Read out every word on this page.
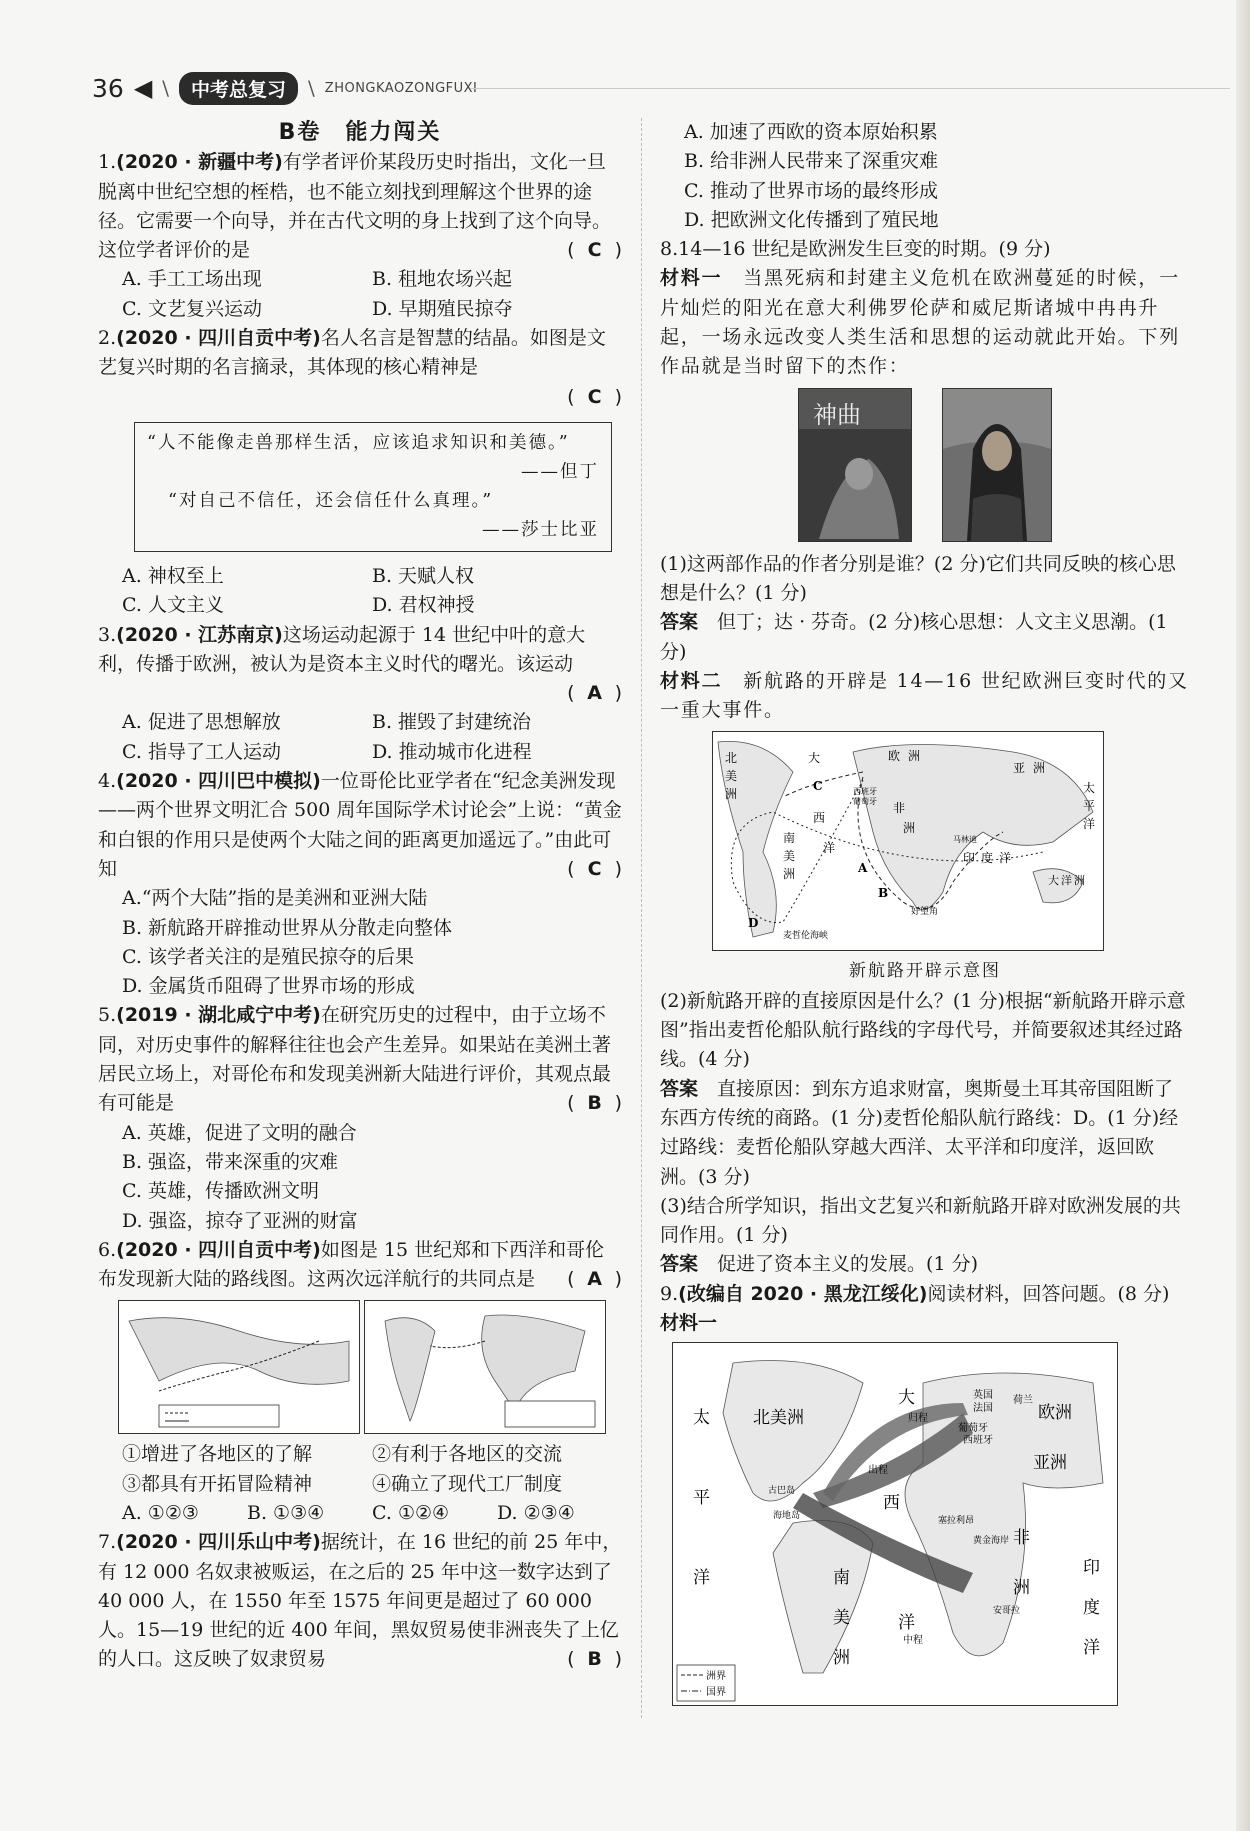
36 ◀ \	中考总复习	\ ZHONGKAOZONGFUXI
B卷　能力闯关
1.(2020 · 新疆中考)有学者评价某段历史时指出，文化一旦脱离中世纪空想的桎梏，也不能立刻找到理解这个世界的途径。它需要一个向导，并在古代文明的身上找到了这个向导。这位学者评价的是	( C )
A. 手工工场出现	B. 租地农场兴起
C. 文艺复兴运动	D. 早期殖民掠夺
2.(2020 · 四川自贡中考)名人名言是智慧的结晶。如图是文艺复兴时期的名言摘录，其体现的核心精神是
( C )
“人不能像走兽那样生活，应该追求知识和美德。”
——但丁
“对自己不信任，还会信任什么真理。”
——莎士比亚
A. 神权至上	B. 天赋人权
C. 人文主义	D. 君权神授
3.(2020 · 江苏南京)这场运动起源于 14 世纪中叶的意大利，传播于欧洲，被认为是资本主义时代的曙光。该运动
( A )
A. 促进了思想解放	B. 摧毁了封建统治
C. 指导了工人运动	D. 推动城市化进程
4.(2020 · 四川巴中模拟)一位哥伦比亚学者在“纪念美洲发现——两个世界文明汇合 500 周年国际学术讨论会”上说：“黄金和白银的作用只是使两个大陆之间的距离更加遥远了。”由此可知	( C )
A.“两个大陆”指的是美洲和亚洲大陆
B. 新航路开辟推动世界从分散走向整体
C. 该学者关注的是殖民掠夺的后果
D. 金属货币阻碍了世界市场的形成
5.(2019 · 湖北咸宁中考)在研究历史的过程中，由于立场不同，对历史事件的解释往往也会产生差异。如果站在美洲土著居民立场上，对哥伦布和发现美洲新大陆进行评价，其观点最有可能是	( B )
A. 英雄，促进了文明的融合
B. 强盗，带来深重的灾难
C. 英雄，传播欧洲文明
D. 强盗，掠夺了亚洲的财富
6.(2020 · 四川自贡中考)如图是 15 世纪郑和下西洋和哥伦布发现新大陆的路线图。这两次远洋航行的共同点是 ( A )
①增进了各地区的了解	②有利于各地区的交流
③都具有开拓冒险精神	④确立了现代工厂制度
A. ①②③	B. ①③④	C. ①②④	D. ②③④
7.(2020 · 四川乐山中考)据统计，在 16 世纪的前 25 年中，有 12 000 名奴隶被贩运，在之后的 25 年中这一数字达到了 40 000 人，在 1550 年至 1575 年间更是超过了 60 000 人。15—19 世纪的近 400 年间，黑奴贸易使非洲丧失了上亿的人口。这反映了奴隶贸易	( B )
A. 加速了西欧的资本原始积累
B. 给非洲人民带来了深重灾难
C. 推动了世界市场的最终形成
D. 把欧洲文化传播到了殖民地
8.14—16 世纪是欧洲发生巨变的时期。(9 分)
材料一　 当黑死病和封建主义危机在欧洲蔓延的时候，一片灿烂的阳光在意大利佛罗伦萨和威尼斯诸城中冉冉升起，一场永远改变人类生活和思想的运动就此开始。下列作品就是当时留下的杰作：
神曲
(1)这两部作品的作者分别是谁？(2 分)它们共同反映的核心思想是什么？(1 分)
答案　 但丁；达 · 芬奇。(2 分)核心思想：人文主义思潮。(1 分)
材料二　 新航路的开辟是 14—16 世纪欧洲巨变时代的又一重大事件。
北
美
洲
大
西
洋
欧 洲
亚 洲
非
洲
南
美
洲
太
平
洋
印 度 洋
大 洋 洲
西班牙
葡萄牙
好望角
麦哲伦海峡
马林迪
C
A
B
D
新航路开辟示意图
(2)新航路开辟的直接原因是什么？(1 分)根据“新航路开辟示意图”指出麦哲伦船队航行路线的字母代号，并简要叙述其经过路线。(4 分)
答案　 直接原因：到东方追求财富，奥斯曼土耳其帝国阻断了东西方传统的商路。(1 分)麦哲伦船队航行路线：D。(1 分)经过路线：麦哲伦船队穿越大西洋、太平洋和印度洋，返回欧洲。(3 分)
(3)结合所学知识，指出文艺复兴和新航路开辟对欧洲发展的共同作用。(1 分)
答案　 促进了资本主义的发展。(1 分)
9.(改编自 2020 · 黑龙江绥化)阅读材料，回答问题。(8 分)
材料一
太
平
洋
北美洲
大
西
洋
南
美
洲
非
洲
欧洲
亚洲
印
度
洋
英国
法国
荷兰
西班牙
葡萄牙
归程
出程
中程
古巴岛
海地岛	塞拉利昂
黄金海岸
安哥拉
洲界
国界
